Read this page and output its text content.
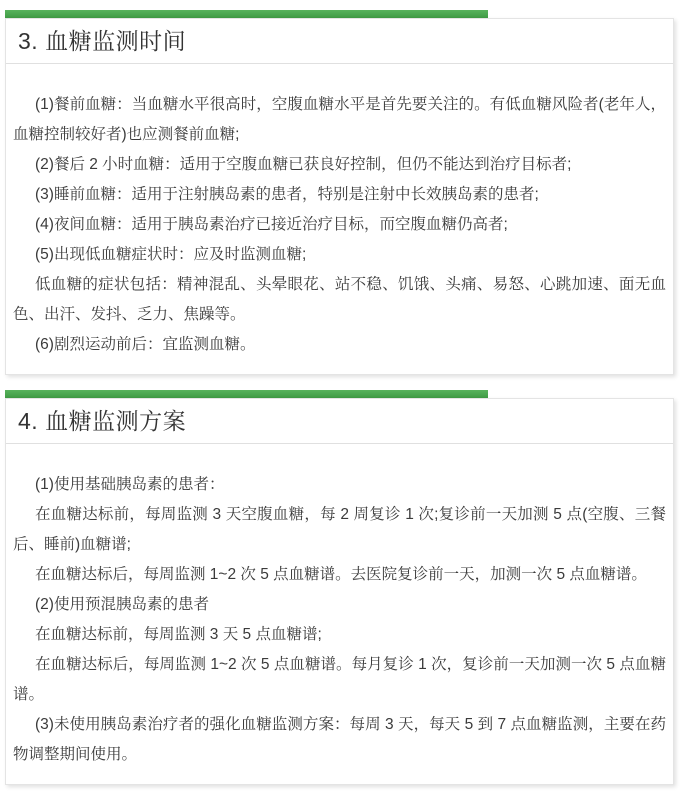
3. 血糖监测时间

(1)餐前血糖：当血糖水平很高时，空腹血糖水平是首先要关注的。有低血糖风险者(老年人，血糖控制较好者)也应测餐前血糖;

(2)餐后 2 小时血糖：适用于空腹血糖已获良好控制，但仍不能达到治疗目标者;

(3)睡前血糖：适用于注射胰岛素的患者，特别是注射中长效胰岛素的患者;

(4)夜间血糖：适用于胰岛素治疗已接近治疗目标，而空腹血糖仍高者;

(5)出现低血糖症状时：应及时监测血糖;

低血糖的症状包括：精神混乱、头晕眼花、站不稳、饥饿、头痛、易怒、心跳加速、面无血色、出汗、发抖、乏力、焦躁等。

(6)剧烈运动前后：宜监测血糖。

4. 血糖监测方案

(1)使用基础胰岛素的患者：

在血糖达标前，每周监测 3 天空腹血糖，每 2 周复诊 1 次;复诊前一天加测 5 点(空腹、三餐后、睡前)血糖谱;

在血糖达标后，每周监测 1~2 次 5 点血糖谱。去医院复诊前一天，加测一次 5 点血糖谱。

(2)使用预混胰岛素的患者

在血糖达标前，每周监测 3 天 5 点血糖谱;

在血糖达标后，每周监测 1~2 次 5 点血糖谱。每月复诊 1 次，复诊前一天加测一次 5 点血糖谱。

(3)未使用胰岛素治疗者的强化血糖监测方案：每周 3 天，每天 5 到 7 点血糖监测，主要在药物调整期间使用。
